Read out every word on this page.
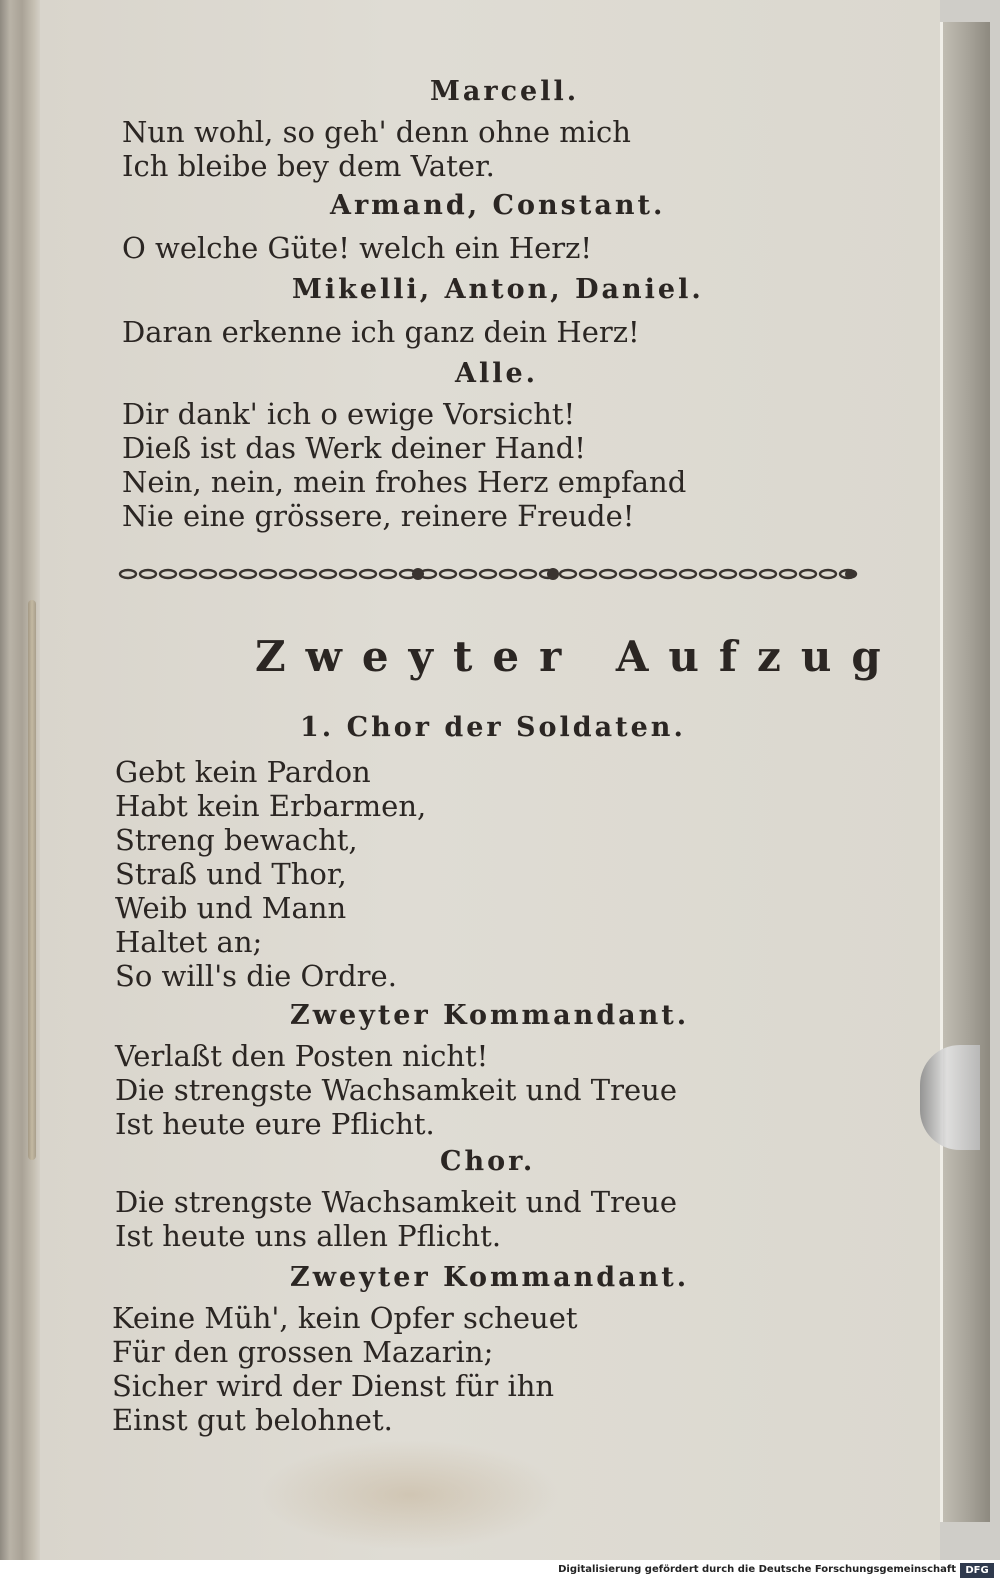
Marcell.
Nun wohl, so geh' denn ohne mich
Ich bleibe bey dem Vater.
Armand, Constant.
O welche Güte! welch ein Herz!
Mikelli, Anton, Daniel.
Daran erkenne ich ganz dein Herz!
Alle.
Dir dank' ich o ewige Vorsicht!
Dieß ist das Werk deiner Hand!
Nein, nein, mein frohes Herz empfand
Nie eine grössere, reinere Freude!
Zweyter Aufzug
1. Chor der Soldaten.
Gebt kein Pardon
Habt kein Erbarmen,
Streng bewacht,
Straß und Thor,
Weib und Mann
Haltet an;
So will's die Ordre.
Zweyter Kommandant.
Verlaßt den Posten nicht!
Die strengste Wachsamkeit und Treue
Ist heute eure Pflicht.
Chor.
Die strengste Wachsamkeit und Treue
Ist heute uns allen Pflicht.
Zweyter Kommandant.
Keine Müh', kein Opfer scheuet
Für den grossen Mazarin;
Sicher wird der Dienst für ihn
Einst gut belohnet.
Digitalisierung gefördert durch die Deutsche Forschungsgemeinschaft DFG
